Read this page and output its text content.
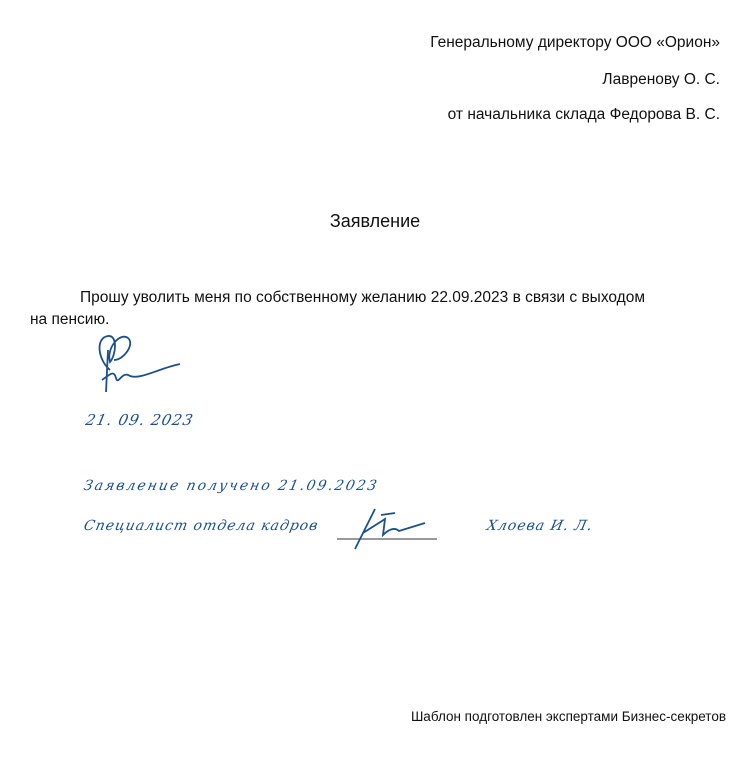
Генеральному директору ООО «Орион»
Лавренову О. С.
от начальника склада Федорова В. С.
Заявление
Прошу уволить меня по собственному желанию 22.09.2023 в связи с выходом
на пенсию.
21. 09. 2023
Заявление получено 21.09.2023
Специалист отдела кадров	Хлоева И. Л.
Шаблон подготовлен экспертами Бизнес-секретов
